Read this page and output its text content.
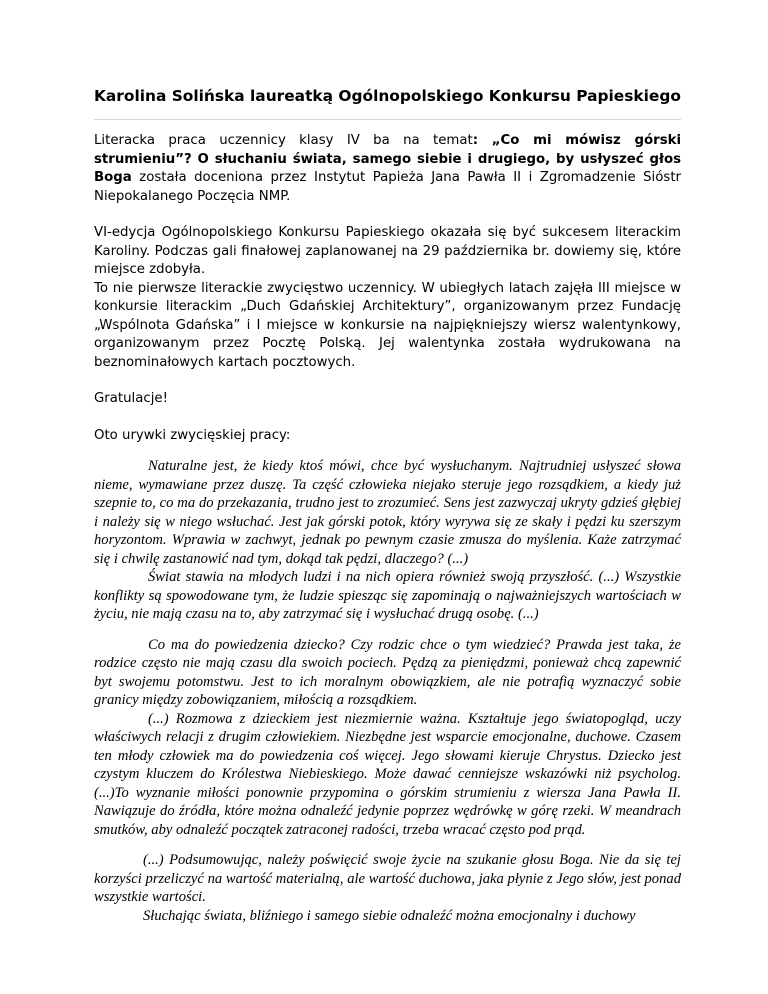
Karolina Solińska laureatką Ogólnopolskiego Konkursu Papieskiego

Literacka praca uczennicy klasy IV ba na temat: „Co mi mówisz górski strumieniu”? O słuchaniu świata, samego siebie i drugiego, by usłyszeć głos Boga została doceniona przez Instytut Papieża Jana Pawła II i Zgromadzenie Sióstr Niepokalanego Poczęcia NMP.

VI-edycja Ogólnopolskiego Konkursu Papieskiego okazała się być sukcesem literackim Karoliny. Podczas gali finałowej zaplanowanej na 29 października br. dowiemy się, które miejsce zdobyła.

To nie pierwsze literackie zwycięstwo uczennicy. W ubiegłych latach zajęła III miejsce w konkursie literackim „Duch Gdańskiej Architektury”, organizowanym przez Fundację „Wspólnota Gdańska” i I miejsce w konkursie na najpiękniejszy wiersz walentynkowy, organizowanym przez Pocztę Polską. Jej walentynka została wydrukowana na beznominałowych kartach pocztowych.

Gratulacje!

Oto urywki zwycięskiej pracy:

Naturalne jest, że kiedy ktoś mówi, chce być wysłuchanym. Najtrudniej usłyszeć słowa nieme, wymawiane przez duszę. Ta część człowieka niejako steruje jego rozsądkiem, a kiedy już szepnie to, co ma do przekazania, trudno jest to zrozumieć. Sens jest zazwyczaj ukryty gdzieś głębiej i należy się w niego wsłuchać. Jest jak górski potok, który wyrywa się ze skały i pędzi ku szerszym horyzontom. Wprawia w zachwyt, jednak po pewnym czasie zmusza do myślenia. Każe zatrzymać się i chwilę zastanowić nad tym, dokąd tak pędzi, dlaczego? (...)

Świat stawia na młodych ludzi i na nich opiera również swoją przyszłość. (...) Wszystkie konflikty są spowodowane tym, że ludzie spiesząc się zapominają o najważniejszych wartościach w życiu, nie mają czasu na to, aby zatrzymać się i wysłuchać drugą osobę. (...)

Co ma do powiedzenia dziecko? Czy rodzic chce o tym wiedzieć? Prawda jest taka, że rodzice często nie mają czasu dla swoich pociech. Pędzą za pieniędzmi, ponieważ chcą zapewnić byt swojemu potomstwu. Jest to ich moralnym obowiązkiem, ale nie potrafią wyznaczyć sobie granicy między zobowiązaniem, miłością a rozsądkiem.

(...) Rozmowa z dzieckiem jest niezmiernie ważna. Kształtuje jego światopogląd, uczy właściwych relacji z drugim człowiekiem. Niezbędne jest wsparcie emocjonalne, duchowe. Czasem ten młody człowiek ma do powiedzenia coś więcej. Jego słowami kieruje Chrystus. Dziecko jest czystym kluczem do Królestwa Niebieskiego. Może dawać cenniejsze wskazówki niż psycholog. (...)To wyznanie miłości ponownie przypomina o górskim strumieniu z wiersza Jana Pawła II. Nawiązuje do źródła, które można odnaleźć jedynie poprzez wędrówkę w górę rzeki. W meandrach smutków, aby odnaleźć początek zatraconej radości, trzeba wracać często pod prąd.

(...) Podsumowując, należy poświęcić swoje życie na szukanie głosu Boga. Nie da się tej korzyści przeliczyć na wartość materialną, ale wartość duchowa, jaka płynie z Jego słów, jest ponad wszystkie wartości.

Słuchając świata, bliźniego i samego siebie odnaleźć można emocjonalny i duchowy
